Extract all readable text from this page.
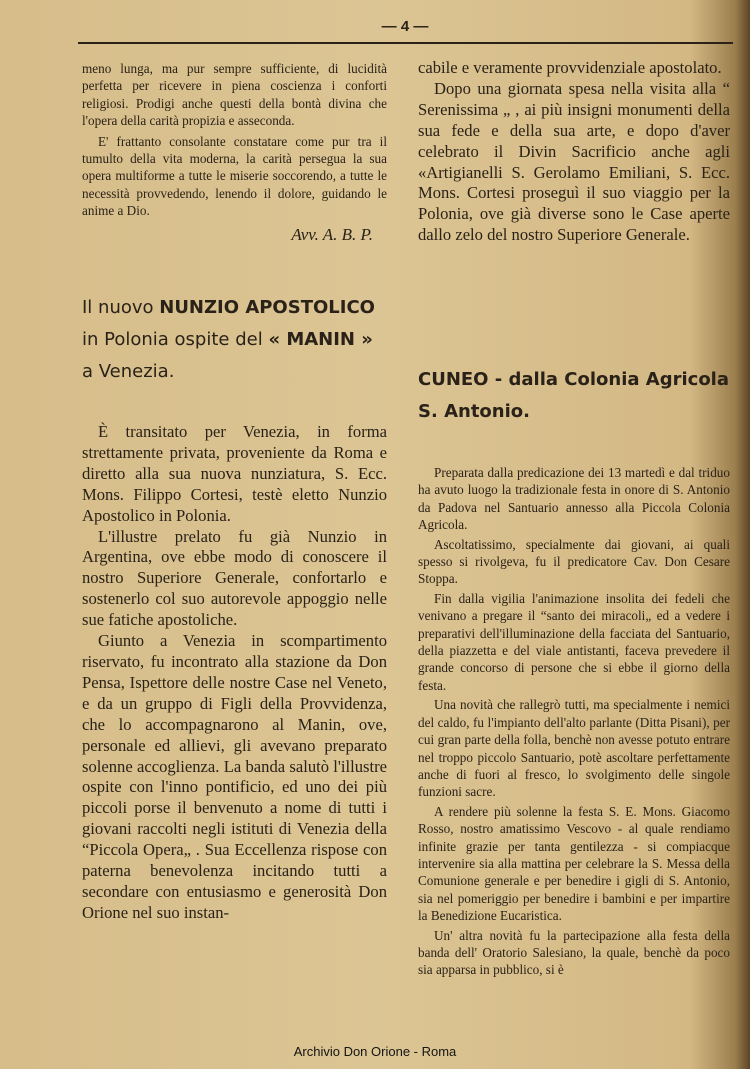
— 4 —

meno lunga, ma pur sempre sufficiente, di lucidità perfetta per ricevere in piena coscienza i conforti religiosi. Prodigi anche questi della bontà divina che l'opera della carità propizia e asseconda.

E' frattanto consolante constatare come pur tra il tumulto della vita moderna, la carità persegua la sua opera multiforme a tutte le miserie soccorendo, a tutte le necessità provvedendo, lenendo il dolore, guidando le anime a Dio.

Avv. A. B. P.

Il nuovo NUNZIO APOSTOLICO
in Polonia ospite del « MANIN »
a Venezia.

È transitato per Venezia, in forma strettamente privata, proveniente da Roma e diretto alla sua nuova nunziatura, S. Ecc. Mons. Filippo Cortesi, testè eletto Nunzio Apostolico in Polonia.

L'illustre prelato fu già Nunzio in Argentina, ove ebbe modo di conoscere il nostro Superiore Generale, confortarlo e sostenerlo col suo autorevole appoggio nelle sue fatiche apostoliche.

Giunto a Venezia in scompartimento riservato, fu incontrato alla stazione da Don Pensa, Ispettore delle nostre Case nel Veneto, e da un gruppo di Figli della Provvidenza, che lo accompagnarono al Manin, ove, personale ed allievi, gli avevano preparato solenne accoglienza. La banda salutò l'illustre ospite con l'inno pontificio, ed uno dei più piccoli porse il benvenuto a nome di tutti i giovani raccolti negli istituti di Venezia della “Piccola Opera„ . Sua Eccellenza rispose con paterna benevolenza incitando tutti a secondare con entusiasmo e generosità Don Orione nel suo instan-

cabile e veramente provvidenziale apostolato.

Dopo una giornata spesa nella visita alla “ Serenissima „ , ai più insigni monumenti della sua fede e della sua arte, e dopo d'aver celebrato il Divin Sacrificio anche agli «Artigianelli S. Gerolamo Emiliani, S. Ecc. Mons. Cortesi proseguì il suo viaggio per la Polonia, ove già diverse sono le Case aperte dallo zelo del nostro Superiore Generale.

CUNEO - dalla Colonia Agricola
S. Antonio.

Preparata dalla predicazione dei 13 martedì e dal triduo ha avuto luogo la tradizionale festa in onore di S. Antonio da Padova nel Santuario annesso alla Piccola Colonia Agricola.

Ascoltatissimo, specialmente dai giovani, ai quali spesso si rivolgeva, fu il predicatore Cav. Don Cesare Stoppa.

Fin dalla vigilia l'animazione insolita dei fedeli che venivano a pregare il “santo dei miracoli„ ed a vedere i preparativi dell'illuminazione della facciata del Santuario, della piazzetta e del viale antistanti, faceva prevedere il grande concorso di persone che si ebbe il giorno della festa.

Una novità che rallegrò tutti, ma specialmente i nemici del caldo, fu l'impianto dell'alto parlante (Ditta Pisani), per cui gran parte della folla, benchè non avesse potuto entrare nel troppo piccolo Santuario, potè ascoltare perfettamente anche di fuori al fresco, lo svolgimento delle singole funzioni sacre.

A rendere più solenne la festa S. E. Mons. Giacomo Rosso, nostro amatissimo Vescovo - al quale rendiamo infinite grazie per tanta gentilezza - si compiacque intervenire sia alla mattina per celebrare la S. Messa della Comunione generale e per benedire i gigli di S. Antonio, sia nel pomeriggio per benedire i bambini e per impartire la Benedizione Eucaristica.

Un' altra novità fu la partecipazione alla festa della banda dell' Oratorio Salesiano, la quale, benchè da poco sia apparsa in pubblico, si è

Archivio Don Orione - Roma
